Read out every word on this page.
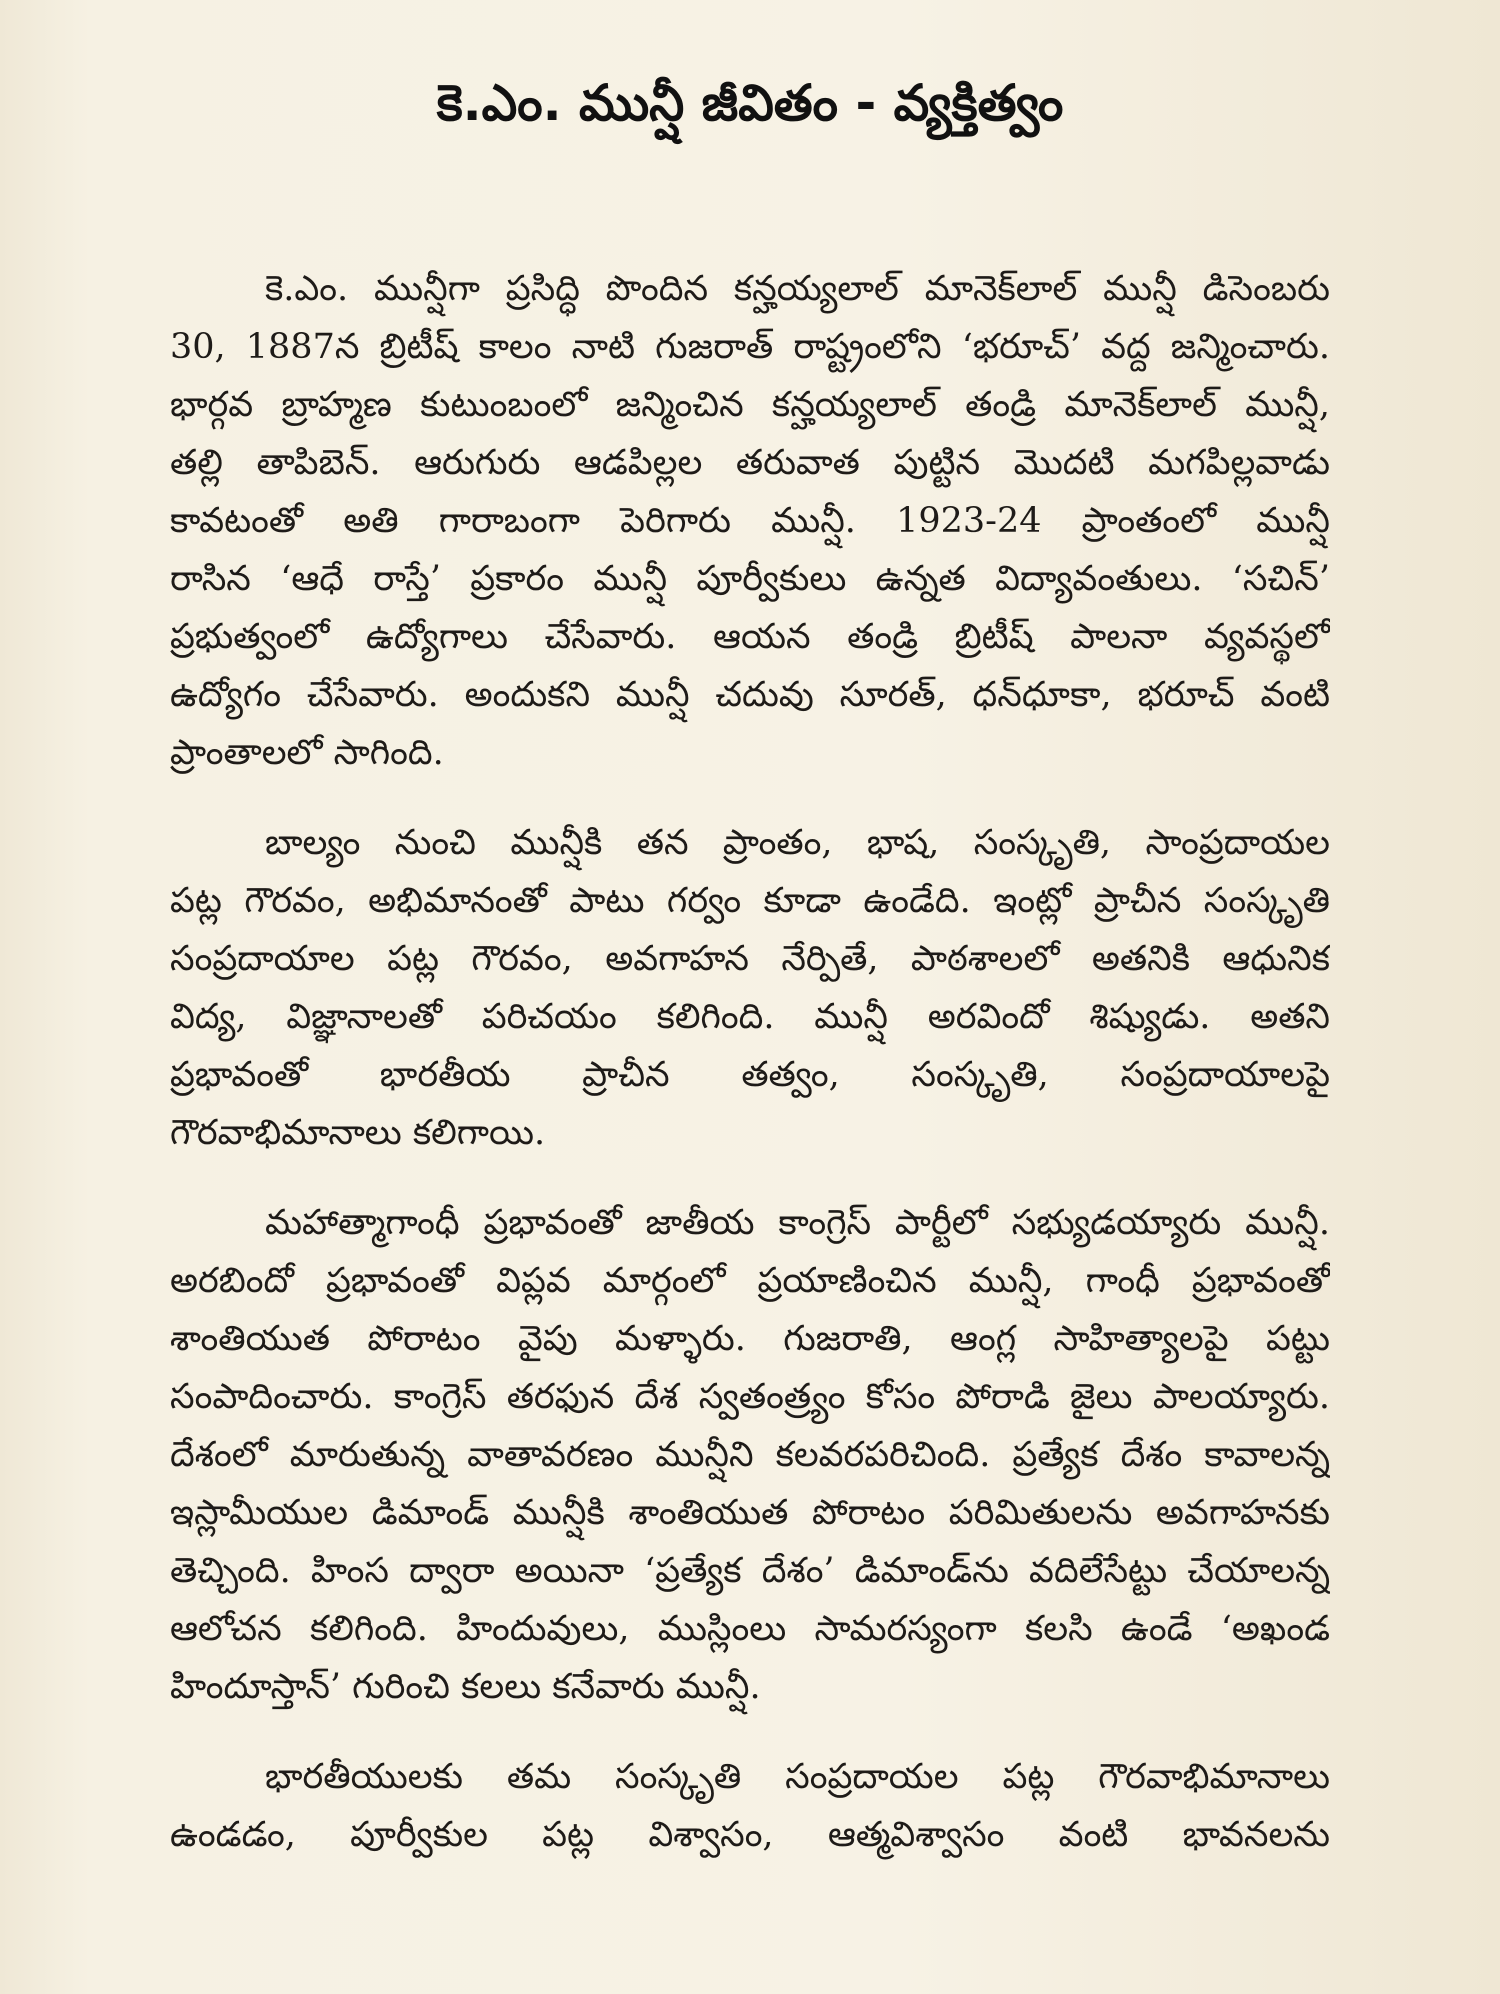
కె.ఎం. మున్షీ జీవితం - వ్యక్తిత్వం
కె.ఎం. మున్షీగా ప్రసిద్ధి పొందిన కన్హయ్యలాల్ మానెక్‌లాల్ మున్షీ డిసెంబరు
30, 1887న బ్రిటీష్ కాలం నాటి గుజరాత్ రాష్ట్రంలోని ‘భరూచ్’ వద్ద జన్మించారు.
భార్గవ బ్రాహ్మణ కుటుంబంలో జన్మించిన కన్హయ్యలాల్ తండ్రి మానెక్‌లాల్ మున్షీ,
తల్లి తాపిబెన్. ఆరుగురు ఆడపిల్లల తరువాత పుట్టిన మొదటి మగపిల్లవాడు
కావటంతో అతి గారాబంగా పెరిగారు మున్షీ. 1923-24 ప్రాంతంలో మున్షీ
రాసిన ‘ఆధే రాస్తే’ ప్రకారం మున్షీ పూర్వీకులు ఉన్నత విద్యావంతులు. ‘సచిన్’
ప్రభుత్వంలో ఉద్యోగాలు చేసేవారు. ఆయన తండ్రి బ్రిటీష్ పాలనా వ్యవస్థలో
ఉద్యోగం చేసేవారు. అందుకని మున్షీ చదువు సూరత్, ధన్‌ధూకా, భరూచ్ వంటి
ప్రాంతాలలో సాగింది.
బాల్యం నుంచి మున్షీకి తన ప్రాంతం, భాష, సంస్కృతి, సాంప్రదాయల
పట్ల గౌరవం, అభిమానంతో పాటు గర్వం కూడా ఉండేది. ఇంట్లో ప్రాచీన సంస్కృతి
సంప్రదాయాల పట్ల గౌరవం, అవగాహన నేర్పితే, పాఠశాలలో అతనికి ఆధునిక
విద్య, విజ్ఞానాలతో పరిచయం కలిగింది. మున్షీ అరవిందో శిష్యుడు. అతని
ప్రభావంతో భారతీయ ప్రాచీన తత్వం, సంస్కృతి, సంప్రదాయాలపై
గౌరవాభిమానాలు కలిగాయి.
మహాత్మాగాంధీ ప్రభావంతో జాతీయ కాంగ్రెస్ పార్టీలో సభ్యుడయ్యారు మున్షీ.
అరబిందో ప్రభావంతో విప్లవ మార్గంలో ప్రయాణించిన మున్షీ, గాంధీ ప్రభావంతో
శాంతియుత పోరాటం వైపు మళ్ళారు. గుజరాతి, ఆంగ్ల సాహిత్యాలపై పట్టు
సంపాదించారు. కాంగ్రెస్ తరఫున దేశ స్వతంత్ర్యం కోసం పోరాడి జైలు పాలయ్యారు.
దేశంలో మారుతున్న వాతావరణం మున్షీని కలవరపరిచింది. ప్రత్యేక దేశం కావాలన్న
ఇస్లామీయుల డిమాండ్ మున్షీకి శాంతియుత పోరాటం పరిమితులను అవగాహనకు
తెచ్చింది. హింస ద్వారా అయినా ‘ప్రత్యేక దేశం’ డిమాండ్‌ను వదిలేసేట్టు చేయాలన్న
ఆలోచన కలిగింది. హిందువులు, ముస్లింలు సామరస్యంగా కలసి ఉండే ‘అఖండ
హిందూస్తాన్’ గురించి కలలు కనేవారు మున్షీ.
భారతీయులకు తమ సంస్కృతి సంప్రదాయల పట్ల గౌరవాభిమానాలు
ఉండడం, పూర్వీకుల పట్ల విశ్వాసం, ఆత్మవిశ్వాసం వంటి భావనలను
